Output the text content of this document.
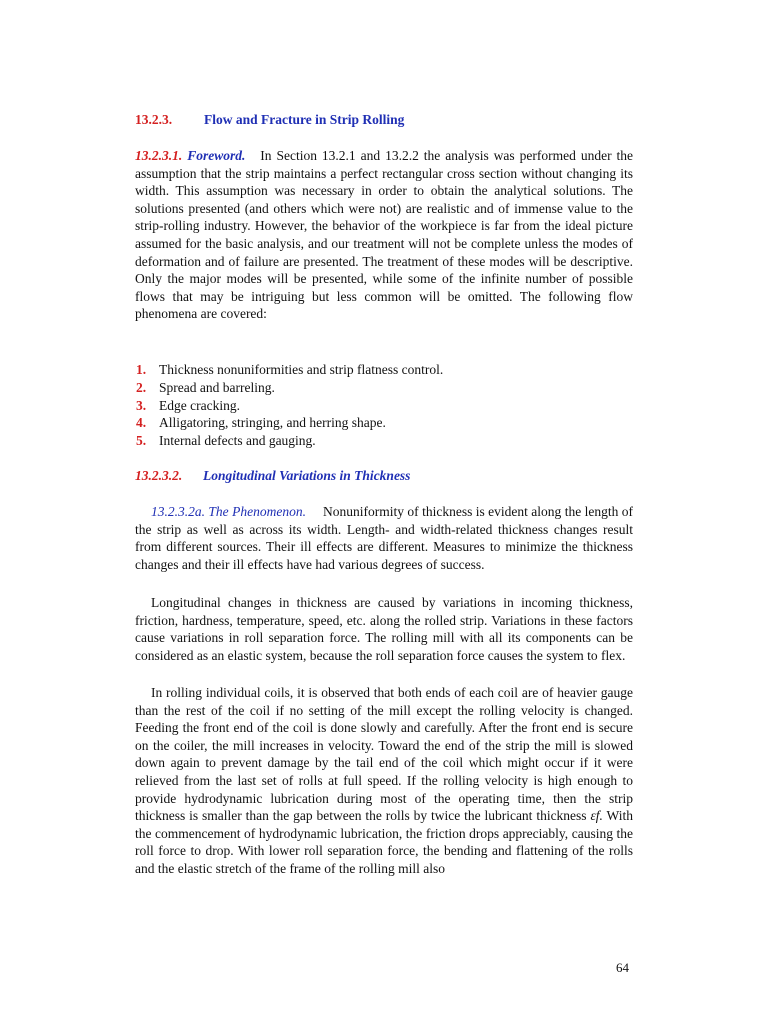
13.2.3. Flow and Fracture in Strip Rolling

13.2.3.1. Foreword. In Section 13.2.1 and 13.2.2 the analysis was performed under the assumption that the strip maintains a perfect rectangular cross section without changing its width. This assumption was necessary in order to obtain the analytical solutions. The solutions presented (and others which were not) are realistic and of immense value to the strip-rolling industry. However, the behavior of the workpiece is far from the ideal picture assumed for the basic analysis, and our treatment will not be complete unless the modes of deformation and of failure are presented. The treatment of these modes will be descriptive. Only the major modes will be presented, while some of the infinite number of possible flows that may be intriguing but less common will be omitted. The following flow phenomena are covered:

1. Thickness nonuniformities and strip flatness control.
2. Spread and barreling.
3. Edge cracking.
4. Alligatoring, stringing, and herring shape.
5. Internal defects and gauging.
13.2.3.2. Longitudinal Variations in Thickness

13.2.3.2a. The Phenomenon. Nonuniformity of thickness is evident along the length of the strip as well as across its width. Length- and width-related thickness changes result from different sources. Their ill effects are different. Measures to minimize the thickness changes and their ill effects have had various degrees of success.

Longitudinal changes in thickness are caused by variations in incoming thickness, friction, hardness, temperature, speed, etc. along the rolled strip. Variations in these factors cause variations in roll separation force. The rolling mill with all its components can be considered as an elastic system, because the roll separation force causes the system to flex.

In rolling individual coils, it is observed that both ends of each coil are of heavier gauge than the rest of the coil if no setting of the mill except the rolling velocity is changed. Feeding the front end of the coil is done slowly and carefully. After the front end is secure on the coiler, the mill increases in velocity. Toward the end of the strip the mill is slowed down again to prevent damage by the tail end of the coil which might occur if it were relieved from the last set of rolls at full speed. If the rolling velocity is high enough to provide hydrodynamic lubrication during most of the operating time, then the strip thickness is smaller than the gap between the rolls by twice the lubricant thickness εf. With the commencement of hydrodynamic lubrication, the friction drops appreciably, causing the roll force to drop. With lower roll separation force, the bending and flattening of the rolls and the elastic stretch of the frame of the rolling mill also

64
